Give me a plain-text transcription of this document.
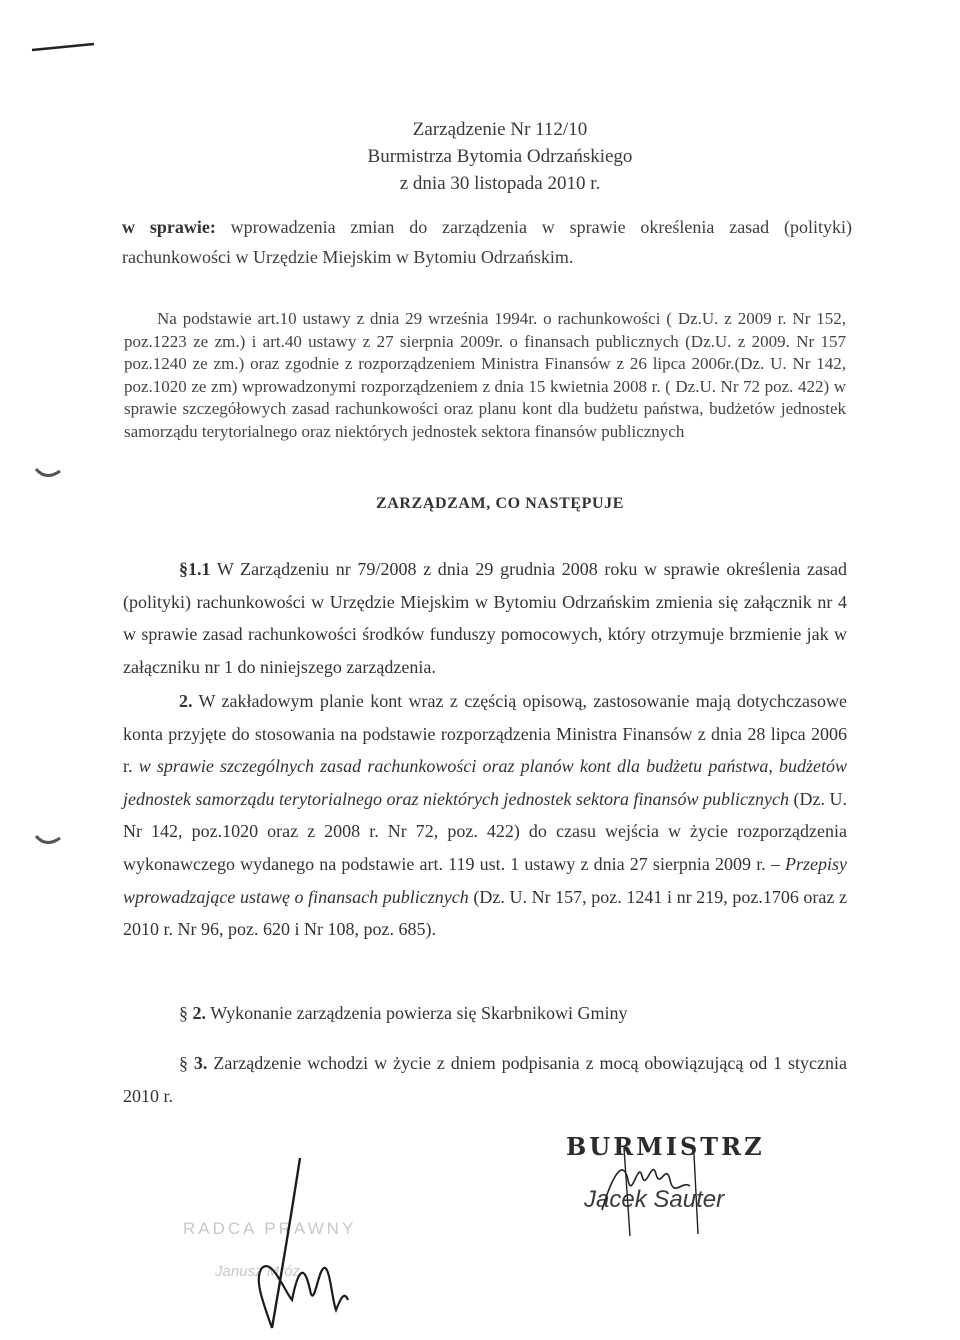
Zarządzenie Nr 112/10
Burmistrza Bytomia Odrzańskiego
z dnia 30 listopada 2010 r.
w sprawie: wprowadzenia zmian do zarządzenia w sprawie określenia zasad (polityki) rachunkowości w Urzędzie Miejskim w Bytomiu Odrzańskim.
Na podstawie art.10 ustawy z dnia 29 września 1994r. o rachunkowości ( Dz.U. z 2009 r. Nr 152, poz.1223 ze zm.) i art.40 ustawy z 27 sierpnia 2009r. o finansach publicznych (Dz.U. z 2009. Nr 157 poz.1240 ze zm.) oraz zgodnie z rozporządzeniem Ministra Finansów z 26 lipca 2006r.(Dz. U. Nr 142, poz.1020 ze zm) wprowadzonymi rozporządzeniem z dnia 15 kwietnia 2008 r. ( Dz.U. Nr 72 poz. 422) w sprawie szczegółowych zasad rachunkowości oraz planu kont dla budżetu państwa, budżetów jednostek samorządu terytorialnego oraz niektórych jednostek sektora finansów publicznych
ZARZĄDZAM, CO NASTĘPUJE
§1.1 W Zarządzeniu nr 79/2008 z dnia 29 grudnia 2008 roku w sprawie określenia zasad (polityki) rachunkowości w Urzędzie Miejskim w Bytomiu Odrzańskim zmienia się załącznik nr 4 w sprawie zasad rachunkowości środków funduszy pomocowych, który otrzymuje brzmienie jak w załączniku nr 1 do niniejszego zarządzenia.
2. W zakładowym planie kont wraz z częścią opisową, zastosowanie mają dotychczasowe konta przyjęte do stosowania na podstawie rozporządzenia Ministra Finansów z dnia 28 lipca 2006 r. w sprawie szczególnych zasad rachunkowości oraz planów kont dla budżetu państwa, budżetów jednostek samorządu terytorialnego oraz niektórych jednostek sektora finansów publicznych (Dz. U. Nr 142, poz.1020 oraz z 2008 r. Nr 72, poz. 422) do czasu wejścia w życie rozporządzenia wykonawczego wydanego na podstawie art. 119 ust. 1 ustawy z dnia 27 sierpnia 2009 r. – Przepisy wprowadzające ustawę o finansach publicznych (Dz. U. Nr 157, poz. 1241 i nr 219, poz.1706 oraz z 2010 r. Nr 96, poz. 620 i Nr 108, poz. 685).
§ 2. Wykonanie zarządzenia powierza się Skarbnikowi Gminy
§ 3. Zarządzenie wchodzi w życie z dniem podpisania z mocą obowiązującą od 1 stycznia 2010 r.
BURMISTRZ
Jacek Sauter
RADCA PRAWNY
Janusz Mróz
